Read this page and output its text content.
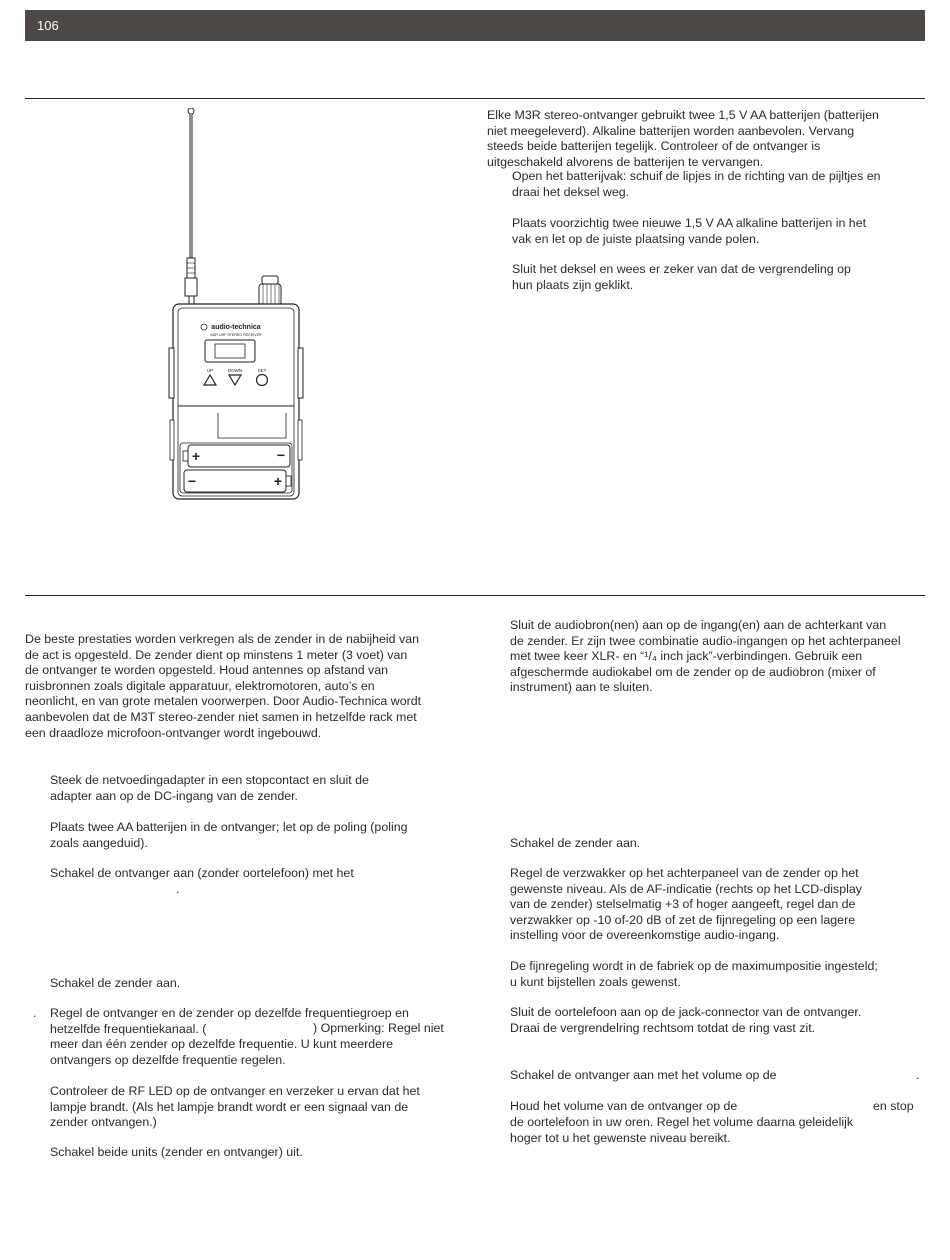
106
audio-technica
M3R UHF STEREO RECEIVER
UP	DOWN	SET
+	−
−	+
Elke M3R stereo-ontvanger gebruikt twee 1,5 V AA batterijen (batterijen
niet meegeleverd). Alkaline batterijen worden aanbevolen. Vervang
steeds beide batterijen tegelijk. Controleer of de ontvanger is
uitgeschakeld alvorens de batterijen te vervangen.
Open het batterijvak: schuif de lipjes in de richting van de pijltjes en
draai het deksel weg.
Plaats voorzichtig twee nieuwe 1,5 V AA alkaline batterijen in het
vak en let op de juiste plaatsing vande polen.
Sluit het deksel en wees er zeker van dat de vergrendeling op
hun plaats zijn geklikt.
De beste prestaties worden verkregen als de zender in de nabijheid van
de act is opgesteld. De zender dient op minstens 1 meter (3 voet) van
de ontvanger te worden opgesteld. Houd antennes op afstand van
ruisbronnen zoals digitale apparatuur, elektromotoren, auto’s en
neonlicht, en van grote metalen voorwerpen. Door Audio-Technica wordt
aanbevolen dat de M3T stereo-zender niet samen in hetzelfde rack met
een draadloze microfoon-ontvanger wordt ingebouwd.
Steek de netvoedingadapter in een stopcontact en sluit de
adapter aan op de DC-ingang van de zender.
Plaats twee AA batterijen in de ontvanger; let op de poling (poling
zoals aangeduid).
Schakel de ontvanger aan (zonder oortelefoon) met het
.
Schakel de zender aan.
. Regel de ontvanger en de zender op dezelfde frequentiegroep en
hetzelfde frequentiekanaal. (
meer dan één zender op dezelfde frequentie. U kunt meerdere
ontvangers op dezelfde frequentie regelen.
) Opmerking: Regel niet
Controleer de RF LED op de ontvanger en verzeker u ervan dat het
lampje brandt. (Als het lampje brandt wordt er een signaal van de
zender ontvangen.)
Schakel beide units (zender en ontvanger) uit.
Sluit de audiobron(nen) aan op de ingang(en) aan de achterkant van
de zender. Er zijn twee combinatie audio-ingangen op het achterpaneel
met twee keer XLR- en “¹/₄ inch jack”-verbindingen. Gebruik een
afgeschermde audiokabel om de zender op de audiobron (mixer of
instrument) aan te sluiten.
Schakel de zender aan.
Regel de verzwakker op het achterpaneel van de zender op het
gewenste niveau. Als de AF-indicatie (rechts op het LCD-display
van de zender) stelselmatig +3 of hoger aangeeft, regel dan de
verzwakker op -10 of-20 dB of zet de fijnregeling op een lagere
instelling voor de overeenkomstige audio-ingang.
De fijnregeling wordt in de fabriek op de maximumpositie ingesteld;
u kunt bijstellen zoals gewenst.
Sluit de oortelefoon aan op de jack-connector van de ontvanger.
Draai de vergrendelring rechtsom totdat de ring vast zit.
Schakel de ontvanger aan met het volume op de	.
Houd het volume van de ontvanger op de	en stop
de oortelefoon in uw oren. Regel het volume daarna geleidelijk
hoger tot u het gewenste niveau bereikt.
